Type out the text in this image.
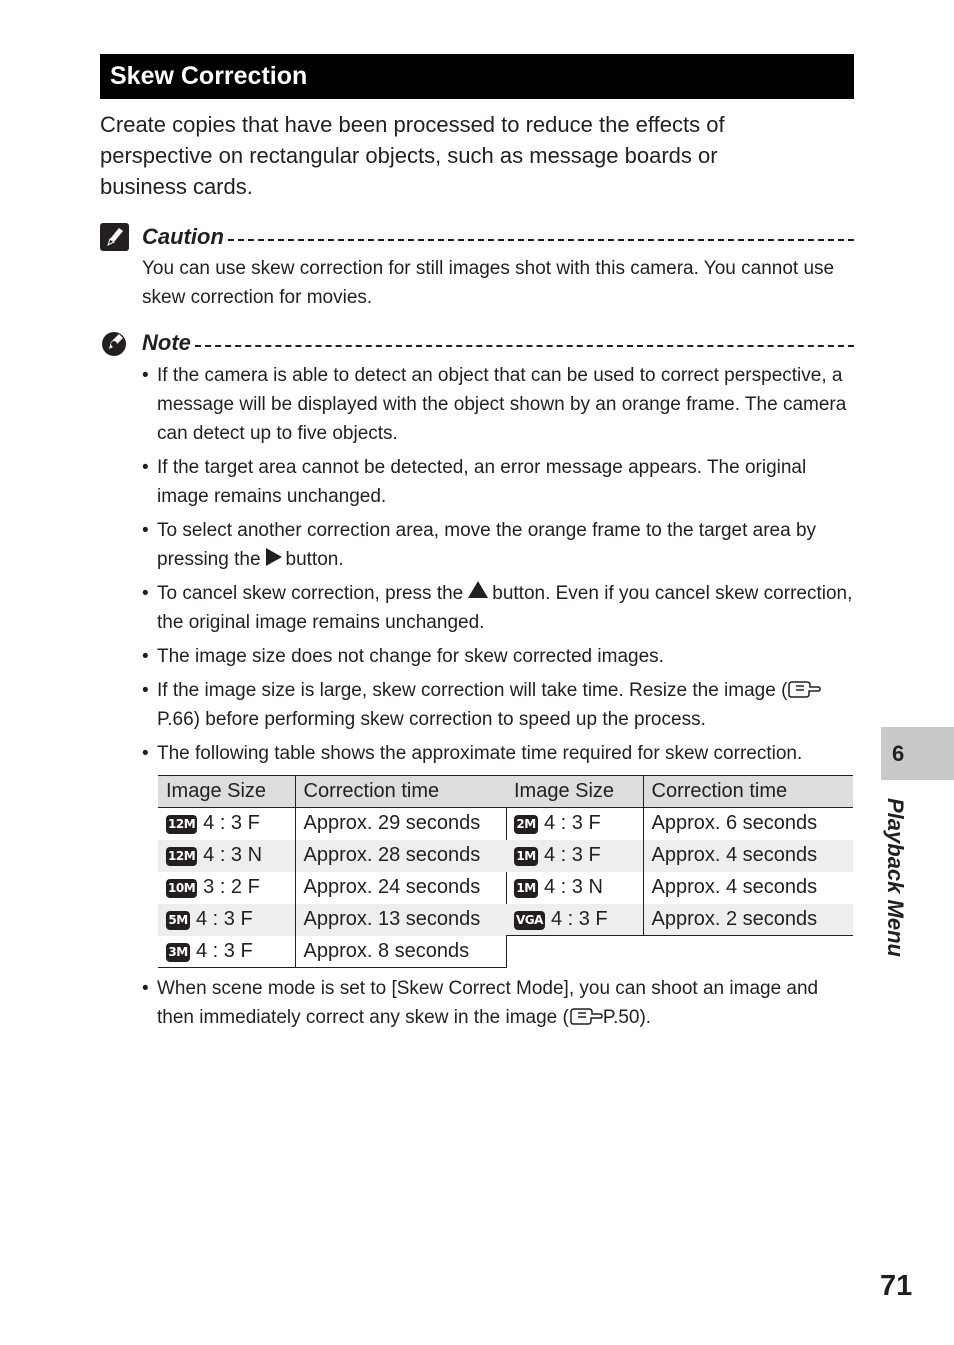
Skew Correction

Create copies that have been processed to reduce the effects of perspective on rectangular objects, such as message boards or business cards.

Caution

You can use skew correction for still images shot with this camera. You cannot use skew correction for movies.

Note
• If the camera is able to detect an object that can be used to correct perspective, a message will be displayed with the object shown by an orange frame. The camera can detect up to five objects.
• If the target area cannot be detected, an error message appears. The original image remains unchanged.
• To select another correction area, move the orange frame to the target area by pressing the button.
• To cancel skew correction, press the button. Even if you cancel skew correction, the original image remains unchanged.
• The image size does not change for skew corrected images.
• If the image size is large, skew correction will take time. Resize the image (P.66) before performing skew correction to speed up the process.
• The following table shows the approximate time required for skew correction.
Image Size	Correction time
12M 4 : 3 F	Approx. 29 seconds
12M 4 : 3 N	Approx. 28 seconds
10M 3 : 2 F	Approx. 24 seconds
5M 4 : 3 F	Approx. 13 seconds
3M 4 : 3 F	Approx. 8 seconds
Image Size	Correction time
2M 4 : 3 F	Approx. 6 seconds
1M 4 : 3 F	Approx. 4 seconds
1M 4 : 3 N	Approx. 4 seconds
VGA 4 : 3 F	Approx. 2 seconds
• When scene mode is set to [Skew Correct Mode], you can shoot an image and then immediately correct any skew in the image ( P.50).
6
Playback Menu
71
